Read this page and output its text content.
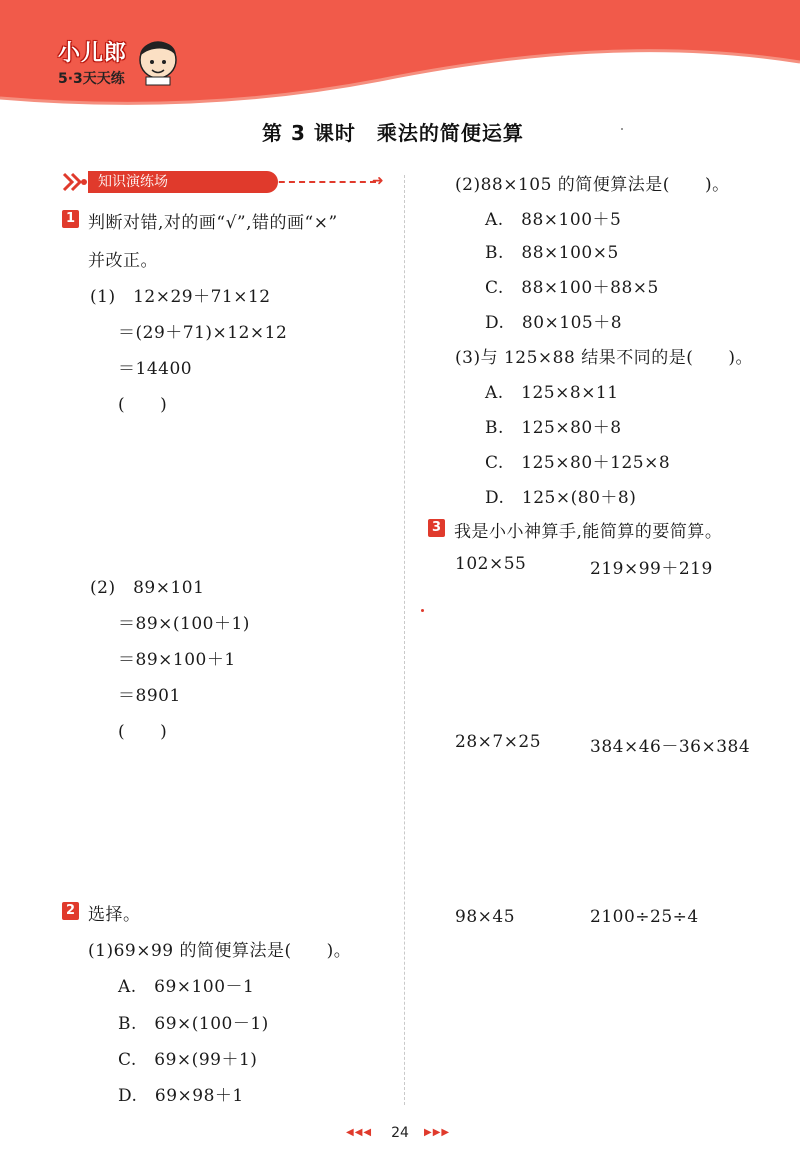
小儿郎
5·3天天练
第 3 课时　乘法的简便运算
知识演练场	➜
1 判断对错,对的画“√”,错的画“×”
并改正。
(1)　12×29＋71×12
＝(29＋71)×12×12
＝14400
(　　)
(2)　89×101
＝89×(100＋1)
＝89×100＋1
＝8901
(　　)
2 选择。
(1)69×99 的简便算法是(　　)。
A.　69×100－1
B.　69×(100－1)
C.　69×(99＋1)
D.　69×98＋1
(2)88×105 的简便算法是(　　)。
A.　88×100＋5
B.　88×100×5
C.　88×100＋88×5
D.　80×105＋8
(3)与 125×88 结果不同的是(　　)。
A.　125×8×11
B.　125×80＋8
C.　125×80＋125×8
D.　125×(80＋8)
3 我是小小神算手,能简算的要简算。
102×55	219×99＋219
28×7×25	384×46－36×384
98×45	2100÷25÷4
◀◀◀	24	▶▶▶
